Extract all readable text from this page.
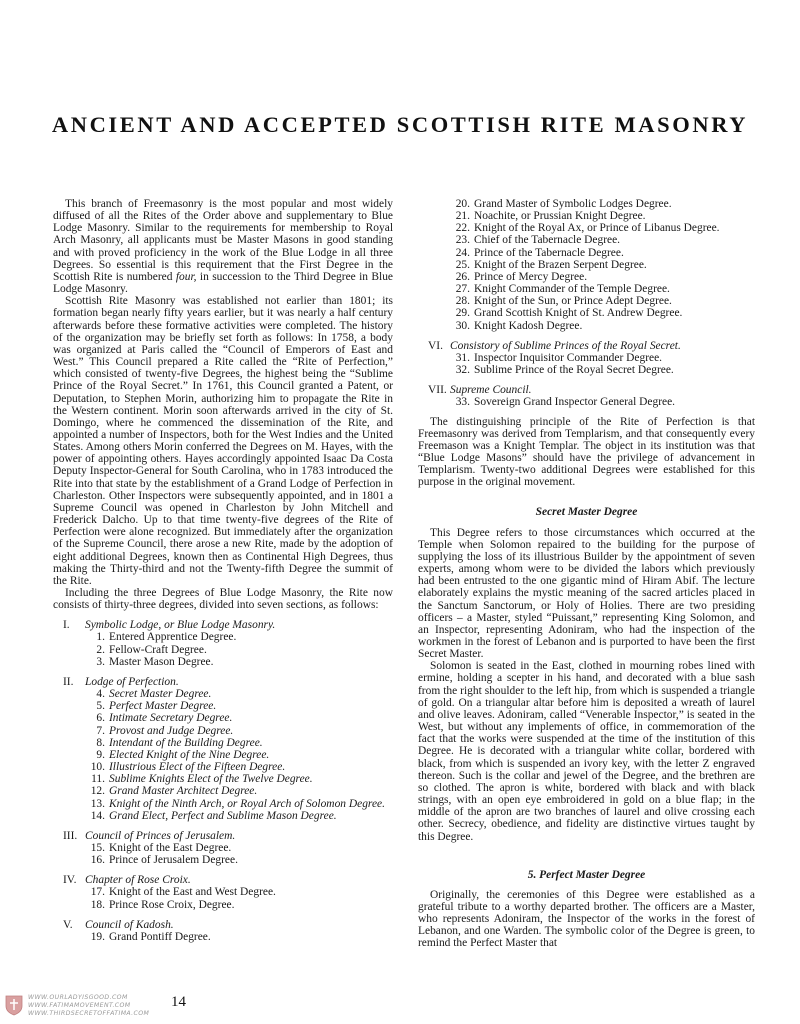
ANCIENT AND ACCEPTED SCOTTISH RITE MASONRY

This branch of Freemasonry is the most popular and most widely diffused of all the Rites of the Order above and supplementary to Blue Lodge Masonry. Similar to the requirements for membership to Royal Arch Masonry, all applicants must be Master Masons in good standing and with proved proficiency in the work of the Blue Lodge in all three Degrees. So essential is this requirement that the First Degree in the Scottish Rite is numbered four, in succession to the Third Degree in Blue Lodge Masonry.

Scottish Rite Masonry was established not earlier than 1801; its formation began nearly fifty years earlier, but it was nearly a half century afterwards before these formative activities were completed. The history of the organization may be briefly set forth as follows: In 1758, a body was organized at Paris called the “Council of Emperors of East and West.” This Council prepared a Rite called the “Rite of Perfection,” which consisted of twenty-five Degrees, the highest being the “Sublime Prince of the Royal Secret.” In 1761, this Council granted a Patent, or Deputation, to Stephen Morin, authorizing him to propagate the Rite in the Western continent. Morin soon afterwards arrived in the city of St. Domingo, where he commenced the dissemination of the Rite, and appointed a number of Inspectors, both for the West Indies and the United States. Among others Morin conferred the Degrees on M. Hayes, with the power of appointing others. Hayes accordingly appointed Isaac Da Costa Deputy Inspector-General for South Carolina, who in 1783 introduced the Rite into that state by the establishment of a Grand Lodge of Perfection in Charleston. Other Inspectors were subsequently appointed, and in 1801 a Supreme Council was opened in Charleston by John Mitchell and Frederick Dalcho. Up to that time twenty-five degrees of the Rite of Perfection were alone recognized. But immediately after the organization of the Supreme Council, there arose a new Rite, made by the adoption of eight additional Degrees, known then as Continental High Degrees, thus making the Thirty-third and not the Twenty-fifth Degree the summit of the Rite.

Including the three Degrees of Blue Lodge Masonry, the Rite now consists of thirty-three degrees, divided into seven sections, as follows:

I. Symbolic Lodge, or Blue Lodge Masonry.
1. Entered Apprentice Degree.
2. Fellow-Craft Degree.
3. Master Mason Degree.
II. Lodge of Perfection.
4. Secret Master Degree.
5. Perfect Master Degree.
6. Intimate Secretary Degree.
7. Provost and Judge Degree.
8. Intendant of the Building Degree.
9. Elected Knight of the Nine Degree.
10. Illustrious Elect of the Fifteen Degree.
11. Sublime Knights Elect of the Twelve Degree.
12. Grand Master Architect Degree.
13. Knight of the Ninth Arch, or Royal Arch of Solomon Degree.
14. Grand Elect, Perfect and Sublime Mason Degree.
III. Council of Princes of Jerusalem.
15. Knight of the East Degree.
16. Prince of Jerusalem Degree.
IV. Chapter of Rose Croix.
17. Knight of the East and West Degree.
18. Prince Rose Croix, Degree.
V. Council of Kadosh.
19. Grand Pontiff Degree.
20. Grand Master of Symbolic Lodges Degree.
21. Noachite, or Prussian Knight Degree.
22. Knight of the Royal Ax, or Prince of Libanus Degree.
23. Chief of the Tabernacle Degree.
24. Prince of the Tabernacle Degree.
25. Knight of the Brazen Serpent Degree.
26. Prince of Mercy Degree.
27. Knight Commander of the Temple Degree.
28. Knight of the Sun, or Prince Adept Degree.
29. Grand Scottish Knight of St. Andrew Degree.
30. Knight Kadosh Degree.
VI. Consistory of Sublime Princes of the Royal Secret.
31. Inspector Inquisitor Commander Degree.
32. Sublime Prince of the Royal Secret Degree.
VII. Supreme Council.
33. Sovereign Grand Inspector General Degree.

The distinguishing principle of the Rite of Perfection is that Freemasonry was derived from Templarism, and that consequently every Freemason was a Knight Templar. The object in its institution was that “Blue Lodge Masons” should have the privilege of advancement in Templarism. Twenty-two additional Degrees were established for this purpose in the original movement.

Secret Master Degree

This Degree refers to those circumstances which occurred at the Temple when Solomon repaired to the building for the purpose of supplying the loss of its illustrious Builder by the appointment of seven experts, among whom were to be divided the labors which previously had been entrusted to the one gigantic mind of Hiram Abif. The lecture elaborately explains the mystic meaning of the sacred articles placed in the Sanctum Sanctorum, or Holy of Holies. There are two presiding officers – a Master, styled “Puissant,” representing King Solomon, and an Inspector, representing Adoniram, who had the inspection of the workmen in the forest of Lebanon and is purported to have been the first Secret Master.

Solomon is seated in the East, clothed in mourning robes lined with ermine, holding a scepter in his hand, and decorated with a blue sash from the right shoulder to the left hip, from which is suspended a triangle of gold. On a triangular altar before him is deposited a wreath of laurel and olive leaves. Adoniram, called “Venerable Inspector,” is seated in the West, but without any implements of office, in commemoration of the fact that the works were suspended at the time of the institution of this Degree. He is decorated with a triangular white collar, bordered with black, from which is suspended an ivory key, with the letter Z engraved thereon. Such is the collar and jewel of the Degree, and the brethren are so clothed. The apron is white, bordered with black and with black strings, with an open eye embroidered in gold on a blue flap; in the middle of the apron are two branches of laurel and olive crossing each other. Secrecy, obedience, and fidelity are distinctive virtues taught by this Degree.

5. Perfect Master Degree

Originally, the ceremonies of this Degree were established as a grateful tribute to a worthy departed brother. The officers are a Master, who represents Adoniram, the Inspector of the works in the forest of Lebanon, and one Warden. The symbolic color of the Degree is green, to remind the Perfect Master that

WWW.OURLADYISGOOD.COM
WWW.FATIMAMOVEMENT.COM
WWW.THIRDSECRETOFFATIMA.COM
14
